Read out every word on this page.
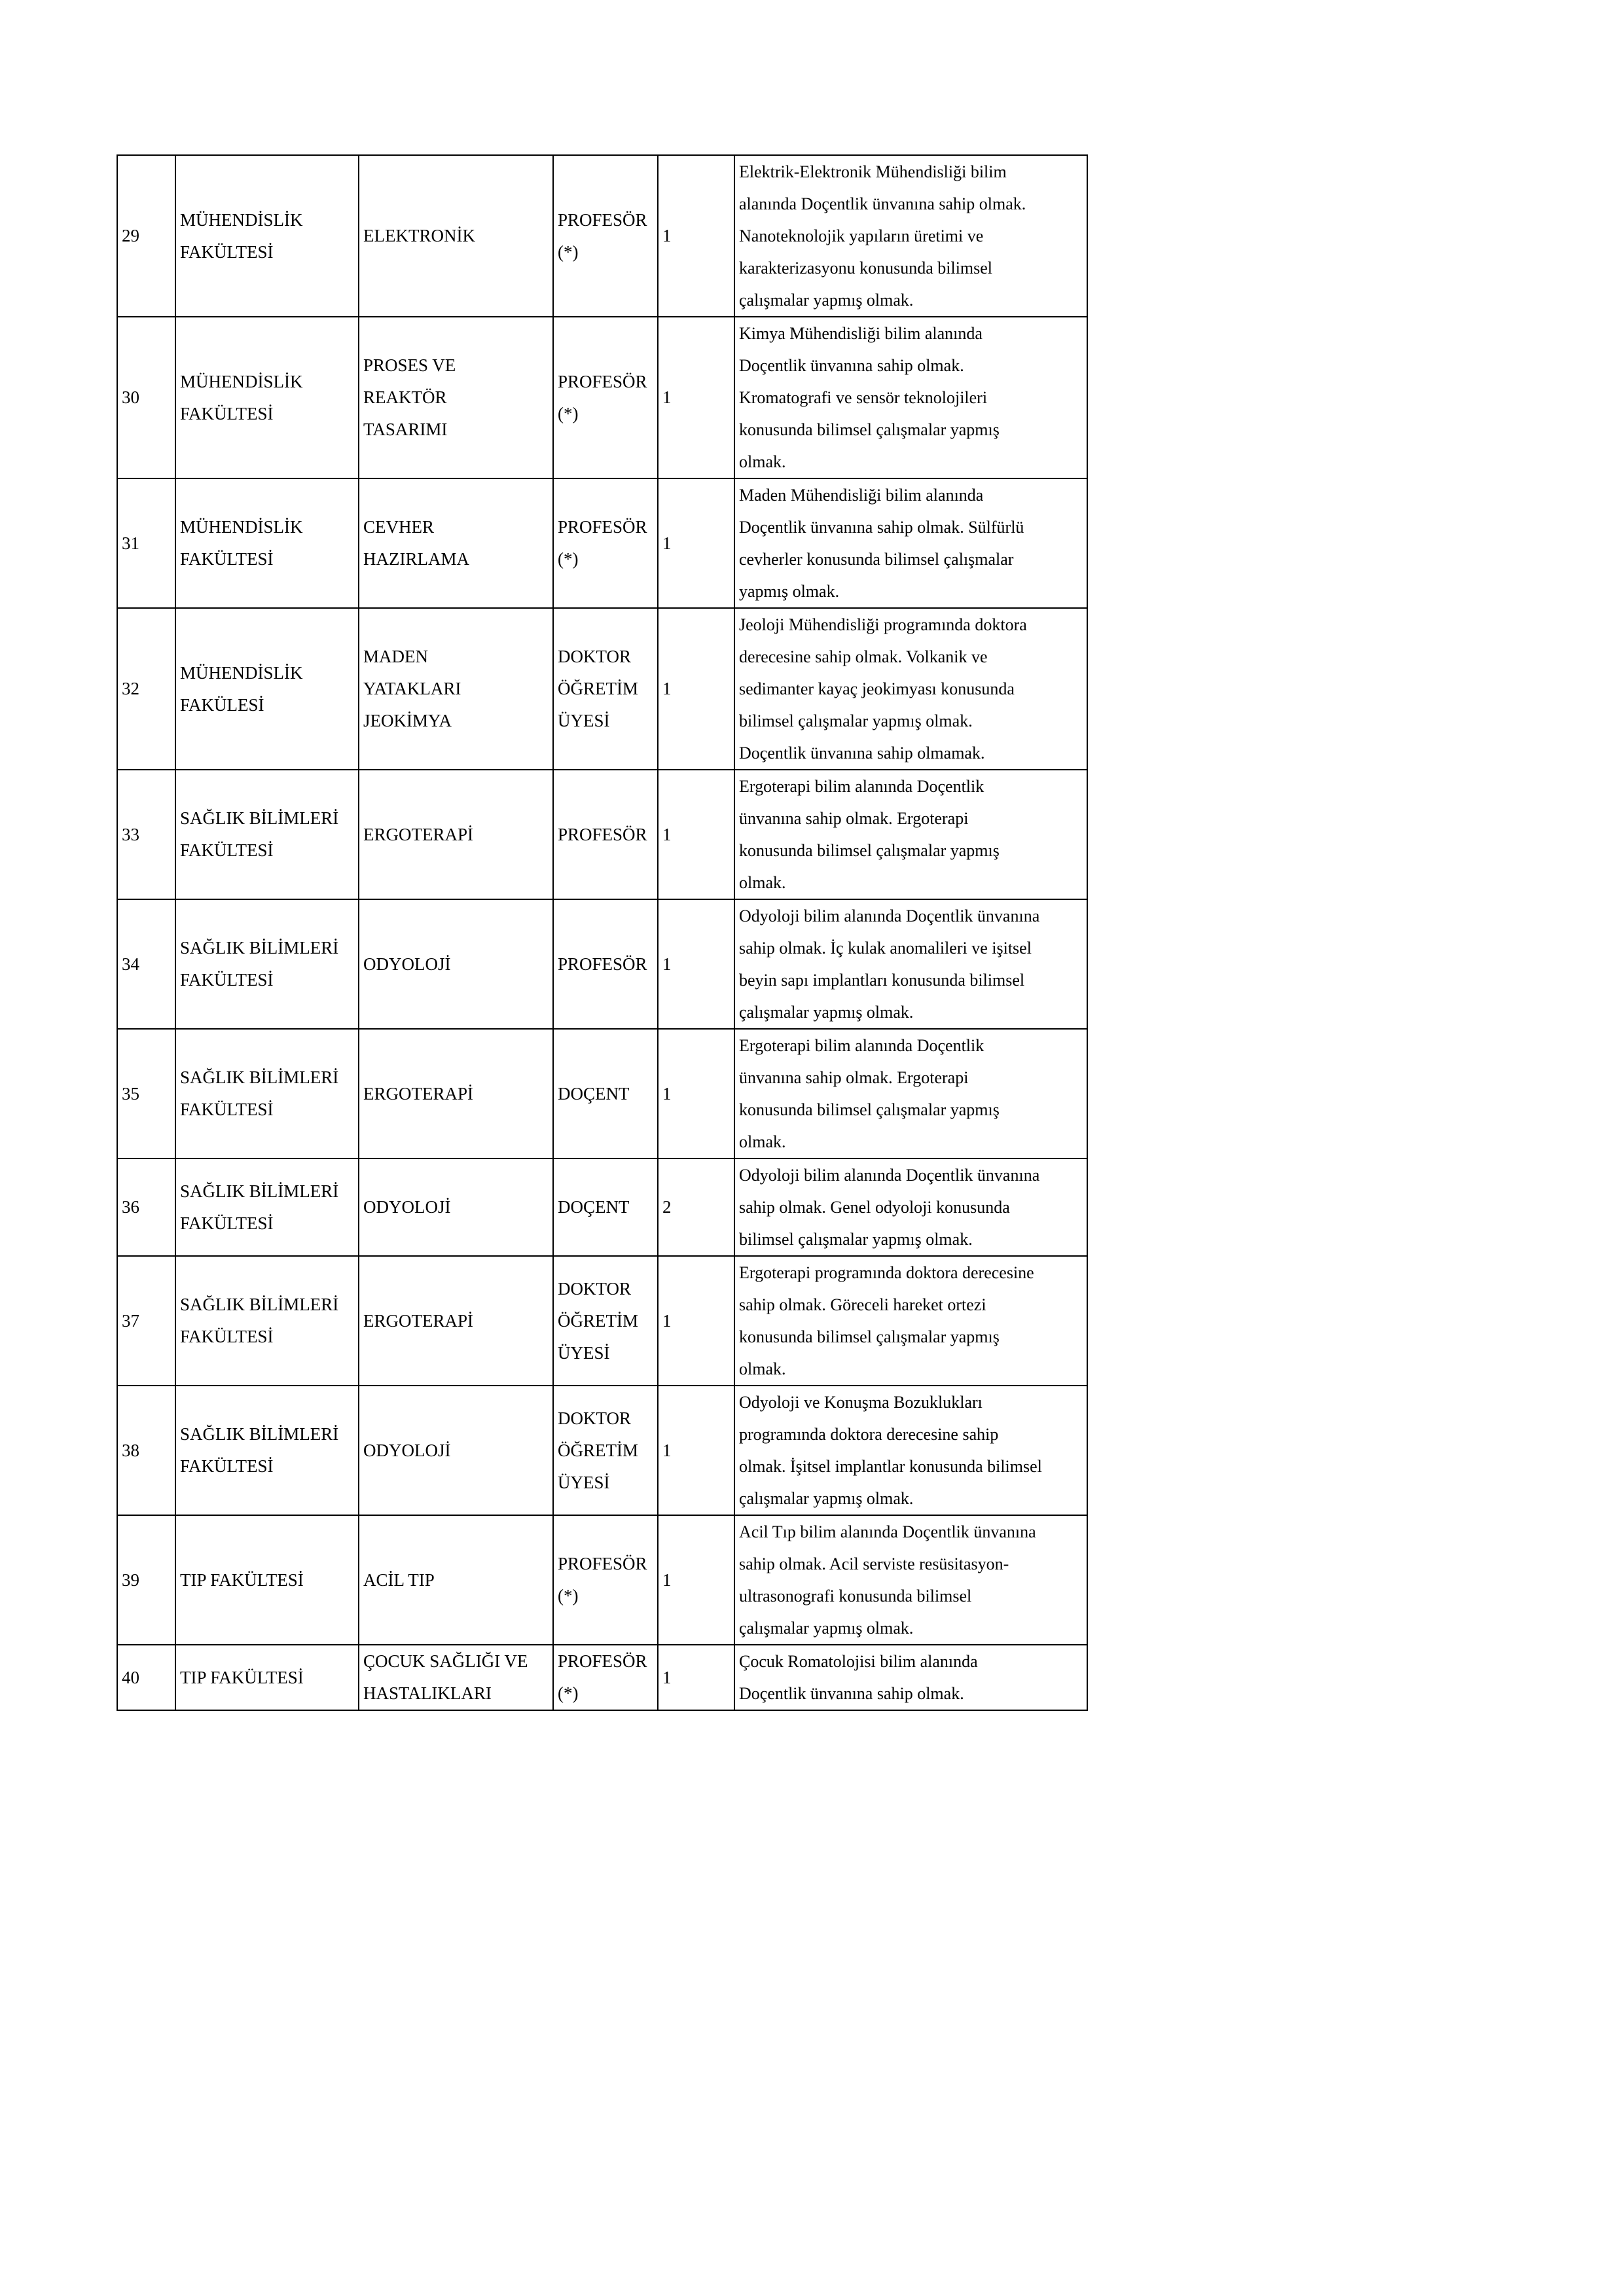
29	MÜHENDİSLİK
FAKÜLTESİ	ELEKTRONİK	PROFESÖR
(*)	1	Elektrik-Elektronik Mühendisliği bilim
alanında Doçentlik ünvanına sahip olmak.
Nanoteknolojik yapıların üretimi ve
karakterizasyonu konusunda bilimsel
çalışmalar yapmış olmak.
30	MÜHENDİSLİK
FAKÜLTESİ	PROSES VE
REAKTÖR
TASARIMI	PROFESÖR
(*)	1	Kimya Mühendisliği bilim alanında
Doçentlik ünvanına sahip olmak.
Kromatografi ve sensör teknolojileri
konusunda bilimsel çalışmalar yapmış
olmak.
31	MÜHENDİSLİK
FAKÜLTESİ	CEVHER
HAZIRLAMA	PROFESÖR
(*)	1	Maden Mühendisliği bilim alanında
Doçentlik ünvanına sahip olmak. Sülfürlü
cevherler konusunda bilimsel çalışmalar
yapmış olmak.
32	MÜHENDİSLİK
FAKÜLESİ	MADEN
YATAKLARI
JEOKİMYA	DOKTOR
ÖĞRETİM
ÜYESİ	1	Jeoloji Mühendisliği programında doktora
derecesine sahip olmak. Volkanik ve
sedimanter kayaç jeokimyası konusunda
bilimsel çalışmalar yapmış olmak.
Doçentlik ünvanına sahip olmamak.
33	SAĞLIK BİLİMLERİ
FAKÜLTESİ	ERGOTERAPİ	PROFESÖR	1	Ergoterapi bilim alanında Doçentlik
ünvanına sahip olmak. Ergoterapi
konusunda bilimsel çalışmalar yapmış
olmak.
34	SAĞLIK BİLİMLERİ
FAKÜLTESİ	ODYOLOJİ	PROFESÖR	1	Odyoloji bilim alanında Doçentlik ünvanına
sahip olmak. İç kulak anomalileri ve işitsel
beyin sapı implantları konusunda bilimsel
çalışmalar yapmış olmak.
35	SAĞLIK BİLİMLERİ
FAKÜLTESİ	ERGOTERAPİ	DOÇENT	1	Ergoterapi bilim alanında Doçentlik
ünvanına sahip olmak. Ergoterapi
konusunda bilimsel çalışmalar yapmış
olmak.
36	SAĞLIK BİLİMLERİ
FAKÜLTESİ	ODYOLOJİ	DOÇENT	2	Odyoloji bilim alanında Doçentlik ünvanına
sahip olmak. Genel odyoloji konusunda
bilimsel çalışmalar yapmış olmak.
37	SAĞLIK BİLİMLERİ
FAKÜLTESİ	ERGOTERAPİ	DOKTOR
ÖĞRETİM
ÜYESİ	1	Ergoterapi programında doktora derecesine
sahip olmak. Göreceli hareket ortezi
konusunda bilimsel çalışmalar yapmış
olmak.
38	SAĞLIK BİLİMLERİ
FAKÜLTESİ	ODYOLOJİ	DOKTOR
ÖĞRETİM
ÜYESİ	1	Odyoloji ve Konuşma Bozuklukları
programında doktora derecesine sahip
olmak. İşitsel implantlar konusunda bilimsel
çalışmalar yapmış olmak.
39	TIP FAKÜLTESİ	ACİL TIP	PROFESÖR
(*)	1	Acil Tıp bilim alanında Doçentlik ünvanına
sahip olmak. Acil serviste resüsitasyon-
ultrasonografi konusunda bilimsel
çalışmalar yapmış olmak.
40	TIP FAKÜLTESİ	ÇOCUK SAĞLIĞI VE
HASTALIKLARI	PROFESÖR
(*)	1	Çocuk Romatolojisi bilim alanında
Doçentlik ünvanına sahip olmak.
